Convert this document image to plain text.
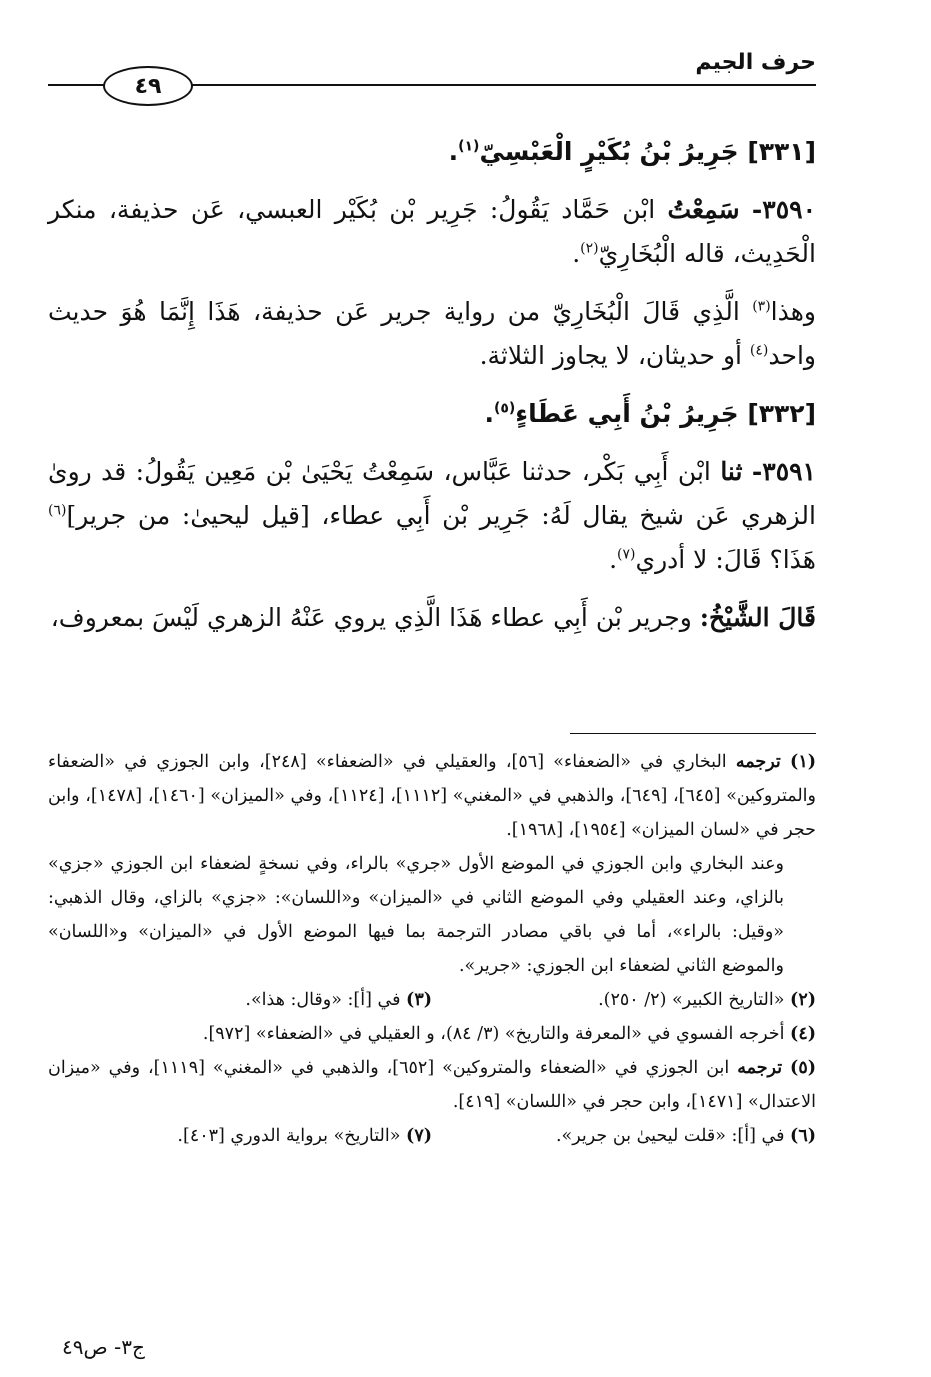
حرف الجيم
٤٩
[٣٣١] جَرِيرُ بْنُ بُكَيْرٍ الْعَبْسِيّ$^{(١)}$.

٣٥٩٠- سَمِعْتُ ابْن حَمَّاد يَقُولُ: جَرِير بْن بُكَيْر العبسي، عَن حذيفة، منكر الْحَدِيث، قاله الْبُخَارِيّ$^{(٢)}$.

وهذا$^{(٣)}$ الَّذِي قَالَ الْبُخَارِيّ من رواية جرير عَن حذيفة، هَذَا إِنَّمَا هُوَ حديث واحد$^{(٤)}$ أو حديثان، لا يجاوز الثلاثة.

[٣٣٢] جَرِيرُ بْنُ أَبِي عَطَاءٍ$^{(٥)}$.

٣٥٩١- ثنا ابْن أَبِي بَكْر، حدثنا عَبَّاس، سَمِعْتُ يَحْيَىٰ بْن مَعِين يَقُولُ: قد روىٰ الزهري عَن شيخ يقال لَهُ: جَرِير بْن أَبِي عطاء، [قيل ليحيىٰ: من جرير]$^{(٦)}$ هَذَا؟ قَالَ: لا أدري$^{(٧)}$.

قَالَ الشَّيْخُ: وجرير بْن أَبِي عطاء هَذَا الَّذِي يروي عَنْهُ الزهري لَيْسَ بمعروف،

(١) ترجمه البخاري في «الضعفاء» [٥٦]، والعقيلي في «الضعفاء» [٢٤٨]، وابن الجوزي في «الضعفاء والمتروكين» [٦٤٥]، [٦٤٩]، والذهبي في «المغني» [١١١٢]، [١١٢٤]، وفي «الميزان» [١٤٦٠]، [١٤٧٨]، وابن حجر في «لسان الميزان» [١٩٥٤]، [١٩٦٨].

وعند البخاري وابن الجوزي في الموضع الأول «جري» بالراء، وفي نسخةٍ لضعفاء ابن الجوزي «جزي» بالزاي، وعند العقيلي وفي الموضع الثاني في «الميزان» و«اللسان»: «جزي» بالزاي، وقال الذهبي: «وقيل: بالراء»، أما في باقي مصادر الترجمة بما فيها الموضع الأول في «الميزان» و«اللسان» والموضع الثاني لضعفاء ابن الجوزي: «جرير».

(٢) «التاريخ الكبير» (٢/ ٢٥٠).

(٣) في [أ]: «وقال: هذا».

(٤) أخرجه الفسوي في «المعرفة والتاريخ» (٣/ ٨٤)، و العقيلي في «الضعفاء» [٩٧٢].

(٥) ترجمه ابن الجوزي في «الضعفاء والمتروكين» [٦٥٢]، والذهبي في «المغني» [١١١٩]، وفي «ميزان الاعتدال» [١٤٧١]، وابن حجر في «اللسان» [٤١٩].

(٦) في [أ]: «قلت ليحيىٰ بن جرير».

(٧) «التاريخ» برواية الدوري [٤٠٣].

ج٣- ص٤٩
